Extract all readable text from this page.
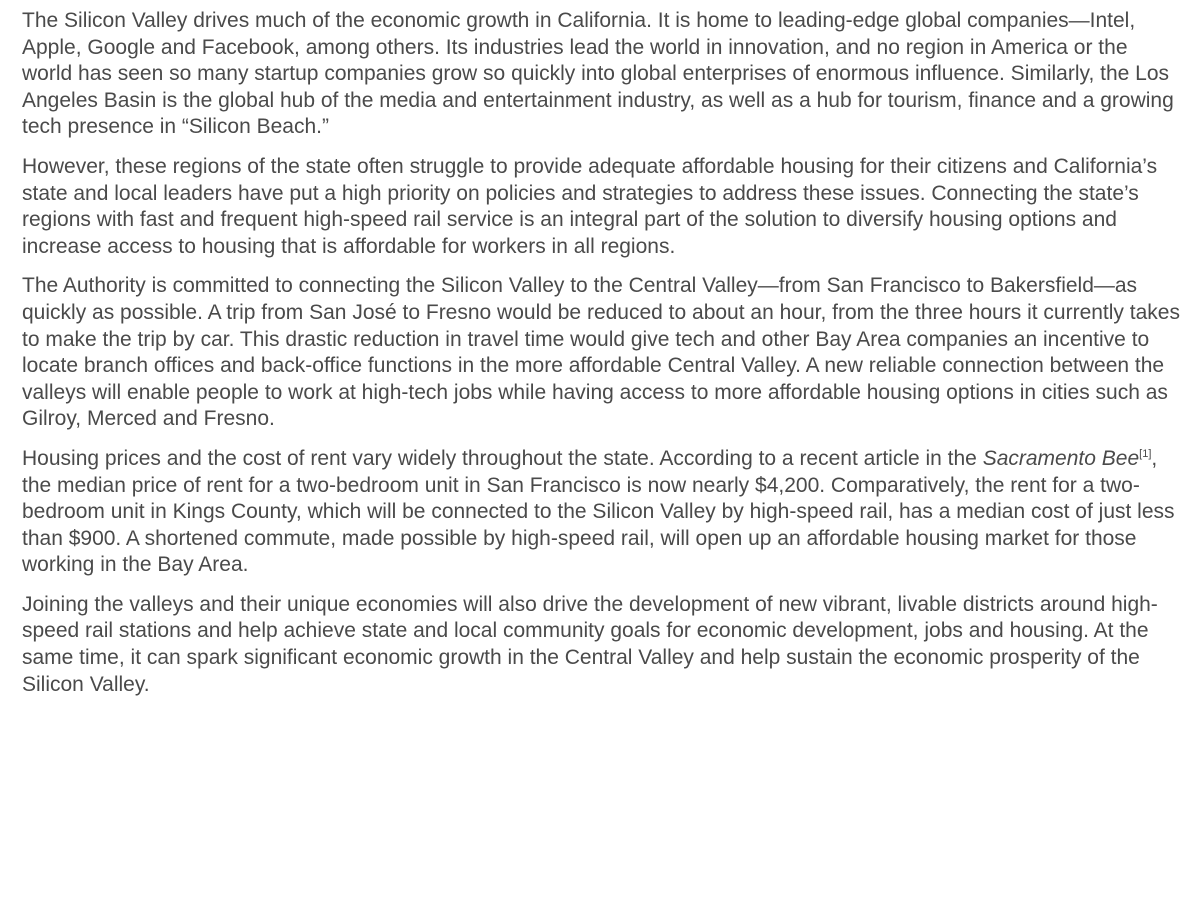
The Silicon Valley drives much of the economic growth in California. It is home to leading-edge global companies—Intel, Apple, Google and Facebook, among others. Its industries lead the world in innovation, and no region in America or the world has seen so many startup companies grow so quickly into global enterprises of enormous influence. Similarly, the Los Angeles Basin is the global hub of the media and entertainment industry, as well as a hub for tourism, finance and a growing tech presence in “Silicon Beach.”

However, these regions of the state often struggle to provide adequate affordable housing for their citizens and California’s state and local leaders have put a high priority on policies and strategies to address these issues. Connecting the state’s regions with fast and frequent high-speed rail service is an integral part of the solution to diversify housing options and increase access to housing that is affordable for workers in all regions.

The Authority is committed to connecting the Silicon Valley to the Central Valley—from San Francisco to Bakersfield—as quickly as possible. A trip from San José to Fresno would be reduced to about an hour, from the three hours it currently takes to make the trip by car. This drastic reduction in travel time would give tech and other Bay Area companies an incentive to locate branch offices and back-office functions in the more affordable Central Valley. A new reliable connection between the valleys will enable people to work at high-tech jobs while having access to more affordable housing options in cities such as Gilroy, Merced and Fresno.

Housing prices and the cost of rent vary widely throughout the state. According to a recent article in the Sacramento Bee[1], the median price of rent for a two-bedroom unit in San Francisco is now nearly $4,200. Comparatively, the rent for a two-bedroom unit in Kings County, which will be connected to the Silicon Valley by high-speed rail, has a median cost of just less than $900. A shortened commute, made possible by high-speed rail, will open up an affordable housing market for those working in the Bay Area.

Joining the valleys and their unique economies will also drive the development of new vibrant, livable districts around high-speed rail stations and help achieve state and local community goals for economic development, jobs and housing. At the same time, it can spark significant economic growth in the Central Valley and help sustain the economic prosperity of the Silicon Valley.
